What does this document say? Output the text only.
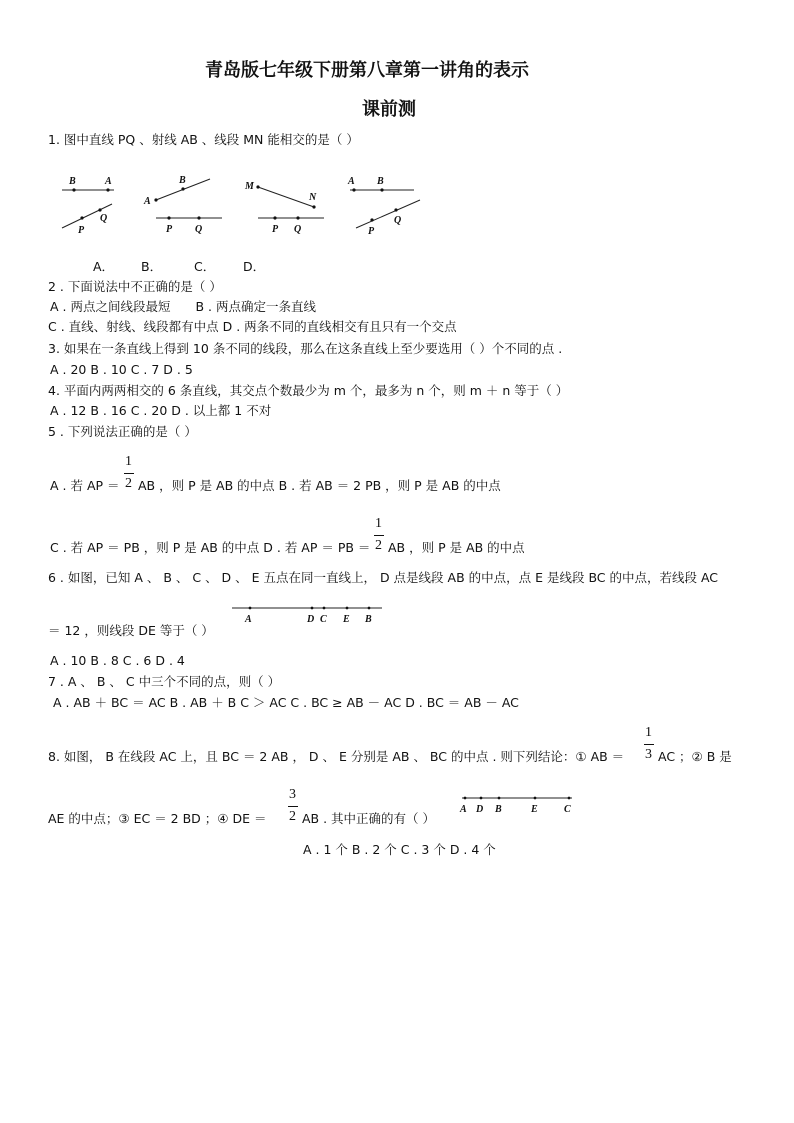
青岛版七年级下册第八章第一讲角的表示
课前测
1. 图中直线 PQ 、射线 AB 、线段 MN 能相交的是（ ）
B	A
P
Q
A
B
P Q
M
N
P Q
A B
P
Q
A． B．	C． D．
2 . 下面说法中不正确的是（ ）
A . 两点之间线段最短　　B . 两点确定一条直线
C . 直线、射线、线段都有中点 D . 两条不同的直线相交有且只有一个交点
3. 如果在一条直线上得到 10 条不同的线段，那么在这条直线上至少要选用（ ）个不同的点 .
A . 20 B . 10 C . 7 D . 5
4. 平面内两两相交的 6 条直线，其交点个数最少为 m 个，最多为 n 个，则 m ＋ n 等于（ ）
A . 12 B . 16 C . 20 D . 以上都 1 不对
5 . 下列说法正确的是（ ）
A . 若 AP ＝
1
2 AB ，则 P 是 AB 的中点 B . 若 AB ＝ 2 PB ，则 P 是 AB 的中点
C . 若 AP ＝ PB ，则 P 是 AB 的中点 D . 若 AP ＝ PB ＝
1
2 AB ，则 P 是 AB 的中点
6 . 如图，已知 A 、 B 、 C 、 D 、 E 五点在同一直线上， D 点是线段 AB 的中点，点 E 是线段 BC 的中点，若线段 AC
＝ 12 ，则线段 DE 等于（ ）
A	D C E B
A . 10 B . 8 C . 6 D . 4
7 . A 、 B 、 C 中三个不同的点，则（ ）
A . AB ＋ BC ＝ AC B . AB ＋ B C ＞ AC C . BC ≥ AB － AC D . BC ＝ AB － AC
8. 如图， B 在线段 AC 上，且 BC ＝ 2 AB ， D 、 E 分别是 AB 、 BC 的中点 . 则下列结论：① AB ＝
1
3 AC ；② B 是
AE 的中点；③ EC ＝ 2 BD ；④ DE ＝
3
2 AB . 其中正确的有（ ）
A D B	E	C
A . 1 个 B . 2 个 C . 3 个 D . 4 个
